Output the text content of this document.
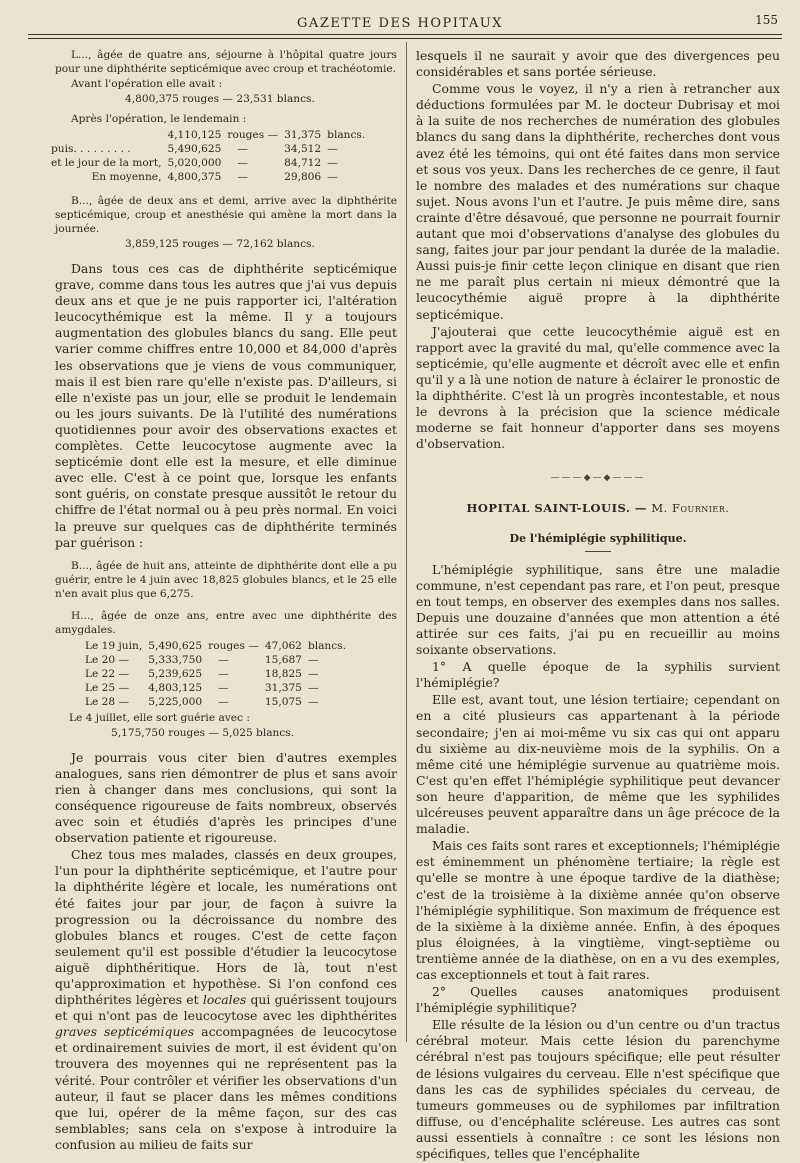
GAZETTE DES HOPITAUX	155

L..., âgée de quatre ans, séjourne à l'hôpital quatre jours pour une diphthérite septicémique avec croup et trachéotomie.

Avant l'opération elle avait :

4,800,375 rouges — 23,531 blancs.

Après l'opération, le lendemain :

	4,110,125	rouges —	31,375	blancs.
puis. . . . . . . . .	5,490,625	—	34,512	—
et le jour de la mort,	5,020,000	—	84,712	—
En moyenne,	4,800,375	—	29,806	—

B..., âgée de deux ans et demi, arrive avec la diphthérite septicémique, croup et anesthésie qui amène la mort dans la journée.

3,859,125 rouges — 72,162 blancs.

Dans tous ces cas de diphthérite septicémique grave, comme dans tous les autres que j'ai vus depuis deux ans et que je ne puis rapporter ici, l'altération leucocythémique est la même. Il y a toujours augmentation des globules blancs du sang. Elle peut varier comme chiffres entre 10,000 et 84,000 d'après les observations que je viens de vous communiquer, mais il est bien rare qu'elle n'existe pas. D'ailleurs, si elle n'existe pas un jour, elle se produit le lendemain ou les jours suivants. De là l'utilité des numérations quotidiennes pour avoir des observations exactes et complètes. Cette leucocytose augmente avec la septicémie dont elle est la mesure, et elle diminue avec elle. C'est à ce point que, lorsque les enfants sont guéris, on constate presque aussitôt le retour du chiffre de l'état normal ou à peu près normal. En voici la preuve sur quelques cas de diphthérite terminés par guérison :

B..., âgée de huit ans, atteinte de diphthérite dont elle a pu guérir, entre le 4 juin avec 18,825 globules blancs, et le 25 elle n'en avait plus que 6,275.

H..., âgée de onze ans, entre avec une diphthérite des amygdales.

Le 19 juin,	5,490,625	rouges —	47,062	blancs.
Le 20 —	5,333,750	—	15,687	—
Le 22 —	5,239,625	—	18,825	—
Le 25 —	4,803,125	—	31,375	—
Le 28 —	5,225,000	—	15,075	—

Le 4 juillet, elle sort guérie avec :

5,175,750 rouges — 5,025 blancs.

Je pourrais vous citer bien d'autres exemples analogues, sans rien démontrer de plus et sans avoir rien à changer dans mes conclusions, qui sont la conséquence rigoureuse de faits nombreux, observés avec soin et étudiés d'après les principes d'une observation patiente et rigoureuse.

Chez tous mes malades, classés en deux groupes, l'un pour la diphthérite septicémique, et l'autre pour la diphthérite légère et locale, les numérations ont été faites jour par jour, de façon à suivre la progression ou la décroissance du nombre des globules blancs et rouges. C'est de cette façon seulement qu'il est possible d'étudier la leucocytose aiguë diphthéritique. Hors de là, tout n'est qu'approximation et hypothèse. Si l'on confond ces diphthérites légères et locales qui guérissent toujours et qui n'ont pas de leucocytose avec les diphthérites graves septicémiques accompagnées de leucocytose et ordinairement suivies de mort, il est évident qu'on trouvera des moyennes qui ne représentent pas la vérité. Pour contrôler et vérifier les observations d'un auteur, il faut se placer dans les mêmes conditions que lui, opérer de la même façon, sur des cas semblables; sans cela on s'expose à introduire la confusion au milieu de faits sur

lesquels il ne saurait y avoir que des divergences peu considérables et sans portée sérieuse.

Comme vous le voyez, il n'y a rien à retrancher aux déductions formulées par M. le docteur Dubrisay et moi à la suite de nos recherches de numération des globules blancs du sang dans la diphthérite, recherches dont vous avez été les témoins, qui ont été faites dans mon service et sous vos yeux. Dans les recherches de ce genre, il faut le nombre des malades et des numérations sur chaque sujet. Nous avons l'un et l'autre. Je puis même dire, sans crainte d'être désavoué, que personne ne pourrait fournir autant que moi d'observations d'analyse des globules du sang, faites jour par jour pendant la durée de la maladie. Aussi puis-je finir cette leçon clinique en disant que rien ne me paraît plus certain ni mieux démontré que la leucocythémie aiguë propre à la diphthérite septicémique.

J'ajouterai que cette leucocythémie aiguë est en rapport avec la gravité du mal, qu'elle commence avec la septicémie, qu'elle augmente et décroît avec elle et enfin qu'il y a là une notion de nature à éclairer le pronostic de la diphthérite. C'est là un progrès incontestable, et nous le devrons à la précision que la science médicale moderne se fait honneur d'apporter dans ses moyens d'observation.

———◆—◆———
HOPITAL SAINT-LOUIS. — M. Fournier.
De l'hémiplégie syphilitique.

L'hémiplégie syphilitique, sans être une maladie commune, n'est cependant pas rare, et l'on peut, presque en tout temps, en observer des exemples dans nos salles. Depuis une douzaine d'années que mon attention a été attirée sur ces faits, j'ai pu en recueillir au moins soixante observations.

1° A quelle époque de la syphilis survient l'hémiplégie?

Elle est, avant tout, une lésion tertiaire; cependant on en a cité plusieurs cas appartenant à la période secondaire; j'en ai moi-même vu six cas qui ont apparu du sixième au dix-neuvième mois de la syphilis. On a même cité une hémiplégie survenue au quatrième mois. C'est qu'en effet l'hémiplégie syphilitique peut devancer son heure d'apparition, de même que les syphilides ulcéreuses peuvent apparaître dans un âge précoce de la maladie.

Mais ces faits sont rares et exceptionnels; l'hémiplégie est éminemment un phénomène tertiaire; la règle est qu'elle se montre à une époque tardive de la diathèse; c'est de la troisième à la dixième année qu'on observe l'hémiplégie syphilitique. Son maximum de fréquence est de la sixième à la dixième année. Enfin, à des époques plus éloignées, à la vingtième, vingt-septième ou trentième année de la diathèse, on en a vu des exemples, cas exceptionnels et tout à fait rares.

2° Quelles causes anatomiques produisent l'hémiplégie syphilitique?

Elle résulte de la lésion ou d'un centre ou d'un tractus cérébral moteur. Mais cette lésion du parenchyme cérébral n'est pas toujours spécifique; elle peut résulter de lésions vulgaires du cerveau. Elle n'est spécifique que dans les cas de syphilides spéciales du cerveau, de tumeurs gommeuses ou de syphilomes par infiltration diffuse, ou d'encéphalite scléreuse. Les autres cas sont aussi essentiels à connaître : ce sont les lésions non spécifiques, telles que l'encéphalite
